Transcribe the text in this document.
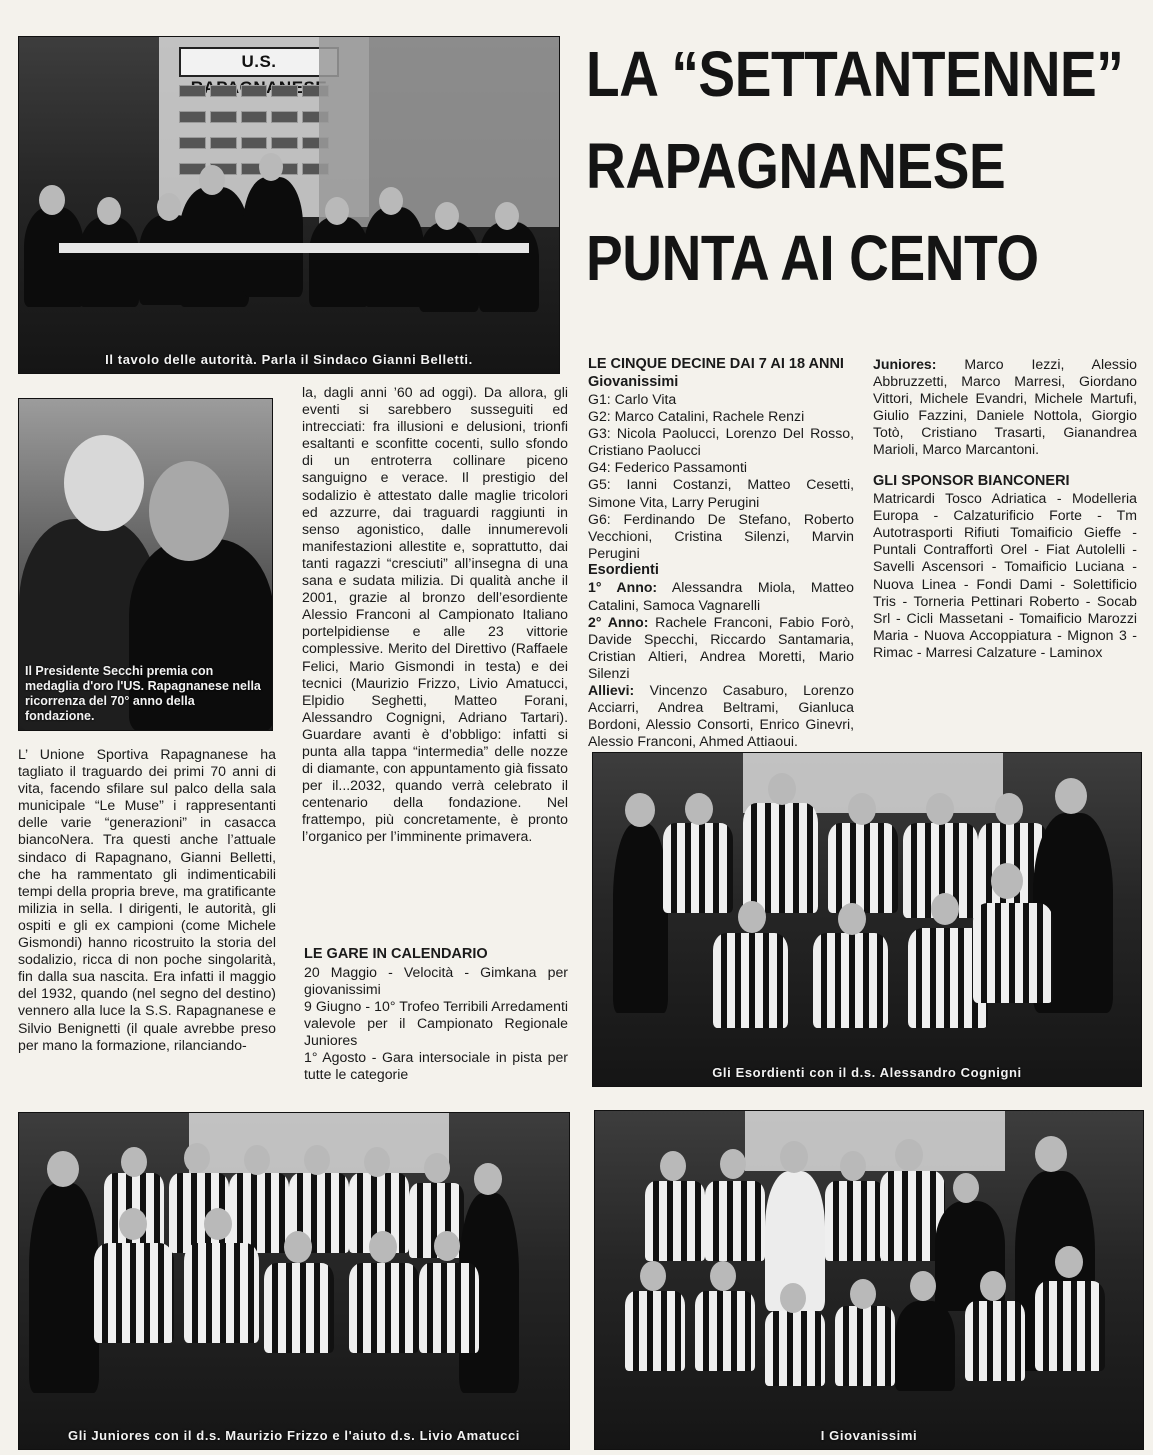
U.S.
Il tavolo delle autorità. Parla il Sindaco Gianni Belletti.
LA “SETTANTENNE”
RAPAGNANESE
PUNTA AI CENTO
Il Presidente Secchi premia con medaglia d'oro l'US. Rapagnanese nella ricorrenza del 70° anno della fondazione.

L’ Unione Sportiva Rapagnanese ha tagliato il traguardo dei primi 70 anni di vita, facendo sfilare sul palco della sala municipale “Le Muse” i rappresentanti delle varie “generazioni” in casacca biancoNera. Tra questi anche l’attuale sindaco di Rapagnano, Gianni Belletti, che ha rammentato gli indimenticabili tempi della propria breve, ma gratificante milizia in sella. I dirigenti, le autorità, gli ospiti e gli ex campioni (come Michele Gismondi) hanno ricostruito la storia del sodalizio, ricca di non poche singolarità, fin dalla sua nascita. Era infatti il maggio del 1932, quando (nel segno del destino) vennero alla luce la S.S. Rapagnanese e Silvio Benignetti (il quale avrebbe preso per mano la formazione, rilanciando-

la, dagli anni ’60 ad oggi). Da allora, gli eventi si sarebbero susseguiti ed intrecciati: fra illusioni e delusioni, trionfi esaltanti e sconfitte cocenti, sullo sfondo di un entroterra collinare piceno sanguigno e verace. Il prestigio del sodalizio è attestato dalle maglie tricolori ed azzurre, dai traguardi raggiunti in senso agonistico, dalle innumerevoli manifestazioni allestite e, soprattutto, dai tanti ragazzi “cresciuti” all’insegna di una sana e sudata milizia. Di qualità anche il 2001, grazie al bronzo dell’esordiente Alessio Franconi al Campionato Italiano portelpidiense e alle 23 vittorie complessive. Merito del Direttivo (Raffaele Felici, Mario Gismondi in testa) e dei tecnici (Maurizio Frizzo, Livio Amatucci, Elpidio Seghetti, Matteo Forani, Alessandro Cognigni, Adriano Tartari). Guardare avanti è d’obbligo: infatti si punta alla tappa “intermedia” delle nozze di diamante, con appuntamento già fissato per il...2032, quando verrà celebrato il centenario della fondazione. Nel frattempo, più concretamente, è pronto l’organico per l’imminente primavera.

LE GARE IN CALENDARIO

20 Maggio - Velocità - Gimkana per giovanissimi

9 Giugno - 10° Trofeo Terribili Arredamenti valevole per il Campionato Regionale Juniores

1° Agosto - Gara intersociale in pista per tutte le categorie

LE CINQUE DECINE DAI 7 AI 18 ANNI
Giovanissimi

G1: Carlo Vita

G2: Marco Catalini, Rachele Renzi

G3: Nicola Paolucci, Lorenzo Del Rosso, Cristiano Paolucci

G4: Federico Passamonti

G5: Ianni Costanzi, Matteo Cesetti, Simone Vita, Larry Perugini

G6: Ferdinando De Stefano, Roberto Vecchioni, Cristina Silenzi, Marvin Perugini

Esordienti

1° Anno: Alessandra Miola, Matteo Catalini, Samoca Vagnarelli

2° Anno: Rachele Franconi, Fabio Forò, Davide Specchi, Riccardo Santamaria, Cristian Altieri, Andrea Moretti, Mario Silenzi

Allievi: Vincenzo Casaburo, Lorenzo Acciarri, Andrea Beltrami, Gianluca Bordoni, Alessio Consorti, Enrico Ginevri, Alessio Franconi, Ahmed Attiaoui.

Juniores: Marco Iezzi, Alessio Abbruzzetti, Marco Marresi, Giordano Vittori, Michele Evandri, Michele Martufi, Giulio Fazzini, Daniele Nottola, Giorgio Totò, Cristiano Trasarti, Gianandrea Marioli, Marco Marcantoni.

GLI SPONSOR BIANCONERI

Matricardi Tosco Adriatica - Modelleria Europa - Calzaturificio Forte - Tm Autotrasporti Rifiuti Tomaificio Gieffe - Puntali Contraffortì Orel - Fiat Autolelli - Savelli Ascensori - Tomaificio Luciana - Nuova Linea - Fondi Dami - Solettificio Tris - Torneria Pettinari Roberto - Socab Srl - Cicli Massetani - Tomaificio Marozzi Maria - Nuova Accoppiatura - Mignon 3 - Rimac - Marresi Calzature - Laminox

Gli Esordienti con il d.s. Alessandro Cognigni
Gli Juniores con il d.s. Maurizio Frizzo e l'aiuto d.s. Livio Amatucci	I Giovanissimi
